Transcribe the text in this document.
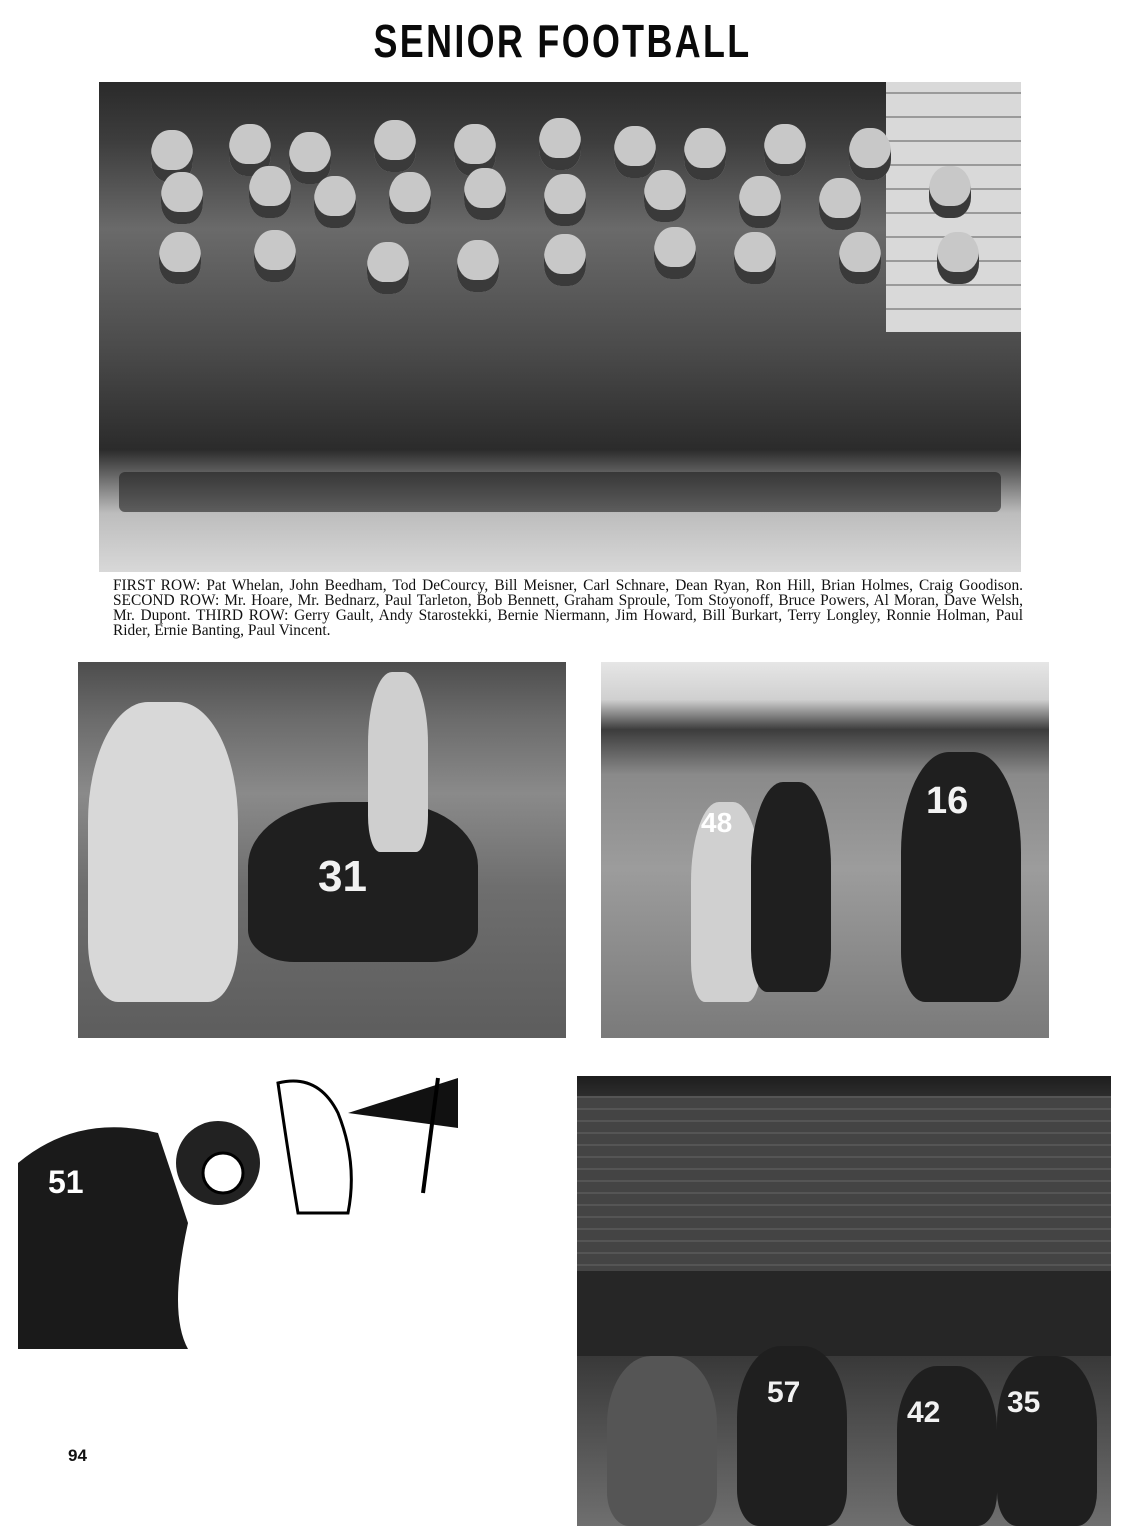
SENIOR FOOTBALL
FIRST ROW: Pat Whelan, John Beedham, Tod DeCourcy, Bill Meisner, Carl Schnare, Dean Ryan, Ron Hill, Brian Holmes, Craig Goodison. SECOND ROW: Mr. Hoare, Mr. Bednarz, Paul Tarleton, Bob Bennett, Graham Sproule, Tom Stoyonoff, Bruce Powers, Al Moran, Dave Welsh, Mr. Dupont. THIRD ROW: Gerry Gault, Andy Starostekki, Bernie Niermann, Jim Howard, Bill Burkart, Terry Longley, Ronnie Holman, Paul Rider, Ernie Banting, Paul Vincent.
31
48
16
51
57
42 35
94
